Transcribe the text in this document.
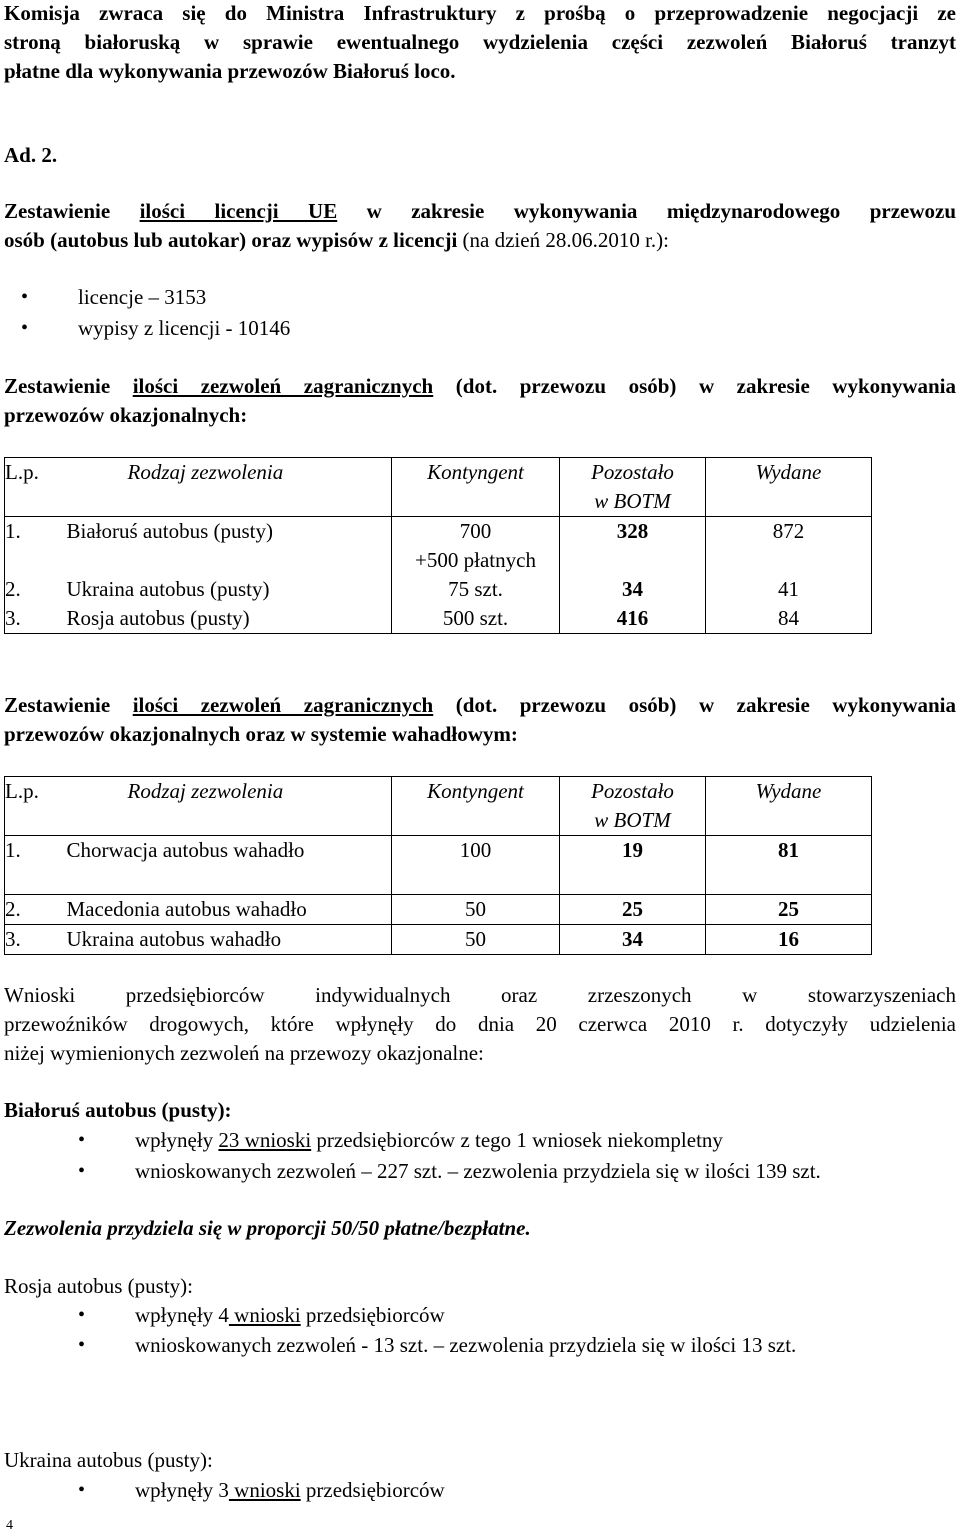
Komisja zwraca się do Ministra Infrastruktury z prośbą o przeprowadzenie negocjacji ze
stroną białoruską w sprawie ewentualnego wydzielenia części zezwoleń Białoruś tranzyt
płatne dla wykonywania przewozów Białoruś loco.
Ad. 2.
Zestawienie ilości licencji UE w zakresie wykonywania międzynarodowego przewozu
osób (autobus lub autokar) oraz wypisów z licencji (na dzień 28.06.2010 r.):
• licencje – 3153
• wypisy z licencji - 10146
Zestawienie ilości zezwoleń zagranicznych (dot. przewozu osób) w zakresie wykonywania
przewozów okazjonalnych:
L.p.	Rodzaj zezwolenia	Kontyngent	Pozostało
w BOTM	Wydane
1.	Białoruś autobus (pusty)	700
+500 płatnych	328	872
2.	Ukraina autobus (pusty)	75 szt.	34	41
3.	Rosja autobus (pusty)	500 szt.	416	84
Zestawienie ilości zezwoleń zagranicznych (dot. przewozu osób) w zakresie wykonywania
przewozów okazjonalnych oraz w systemie wahadłowym:
L.p.	Rodzaj zezwolenia	Kontyngent	Pozostało
w BOTM	Wydane
1.	Chorwacja autobus wahadło	100	19	81
2.	Macedonia autobus wahadło	50	25	25
3.	Ukraina autobus wahadło	50	34	16
Wnioski przedsiębiorców indywidualnych oraz zrzeszonych w stowarzyszeniach
przewoźników drogowych, które wpłynęły do dnia 20 czerwca 2010 r. dotyczyły udzielenia
niżej wymienionych zezwoleń na przewozy okazjonalne:
Białoruś autobus (pusty):
• wpłynęły 23 wnioski przedsiębiorców z tego 1 wniosek niekompletny
• wnioskowanych zezwoleń – 227 szt. – zezwolenia przydziela się w ilości 139 szt.
Zezwolenia przydziela się w proporcji 50/50 płatne/bezpłatne.
Rosja autobus (pusty):
• wpłynęły 4 wnioski przedsiębiorców
• wnioskowanych zezwoleń - 13 szt. – zezwolenia przydziela się w ilości 13 szt.
Ukraina autobus (pusty):
• wpłynęły 3 wnioski przedsiębiorców
4
